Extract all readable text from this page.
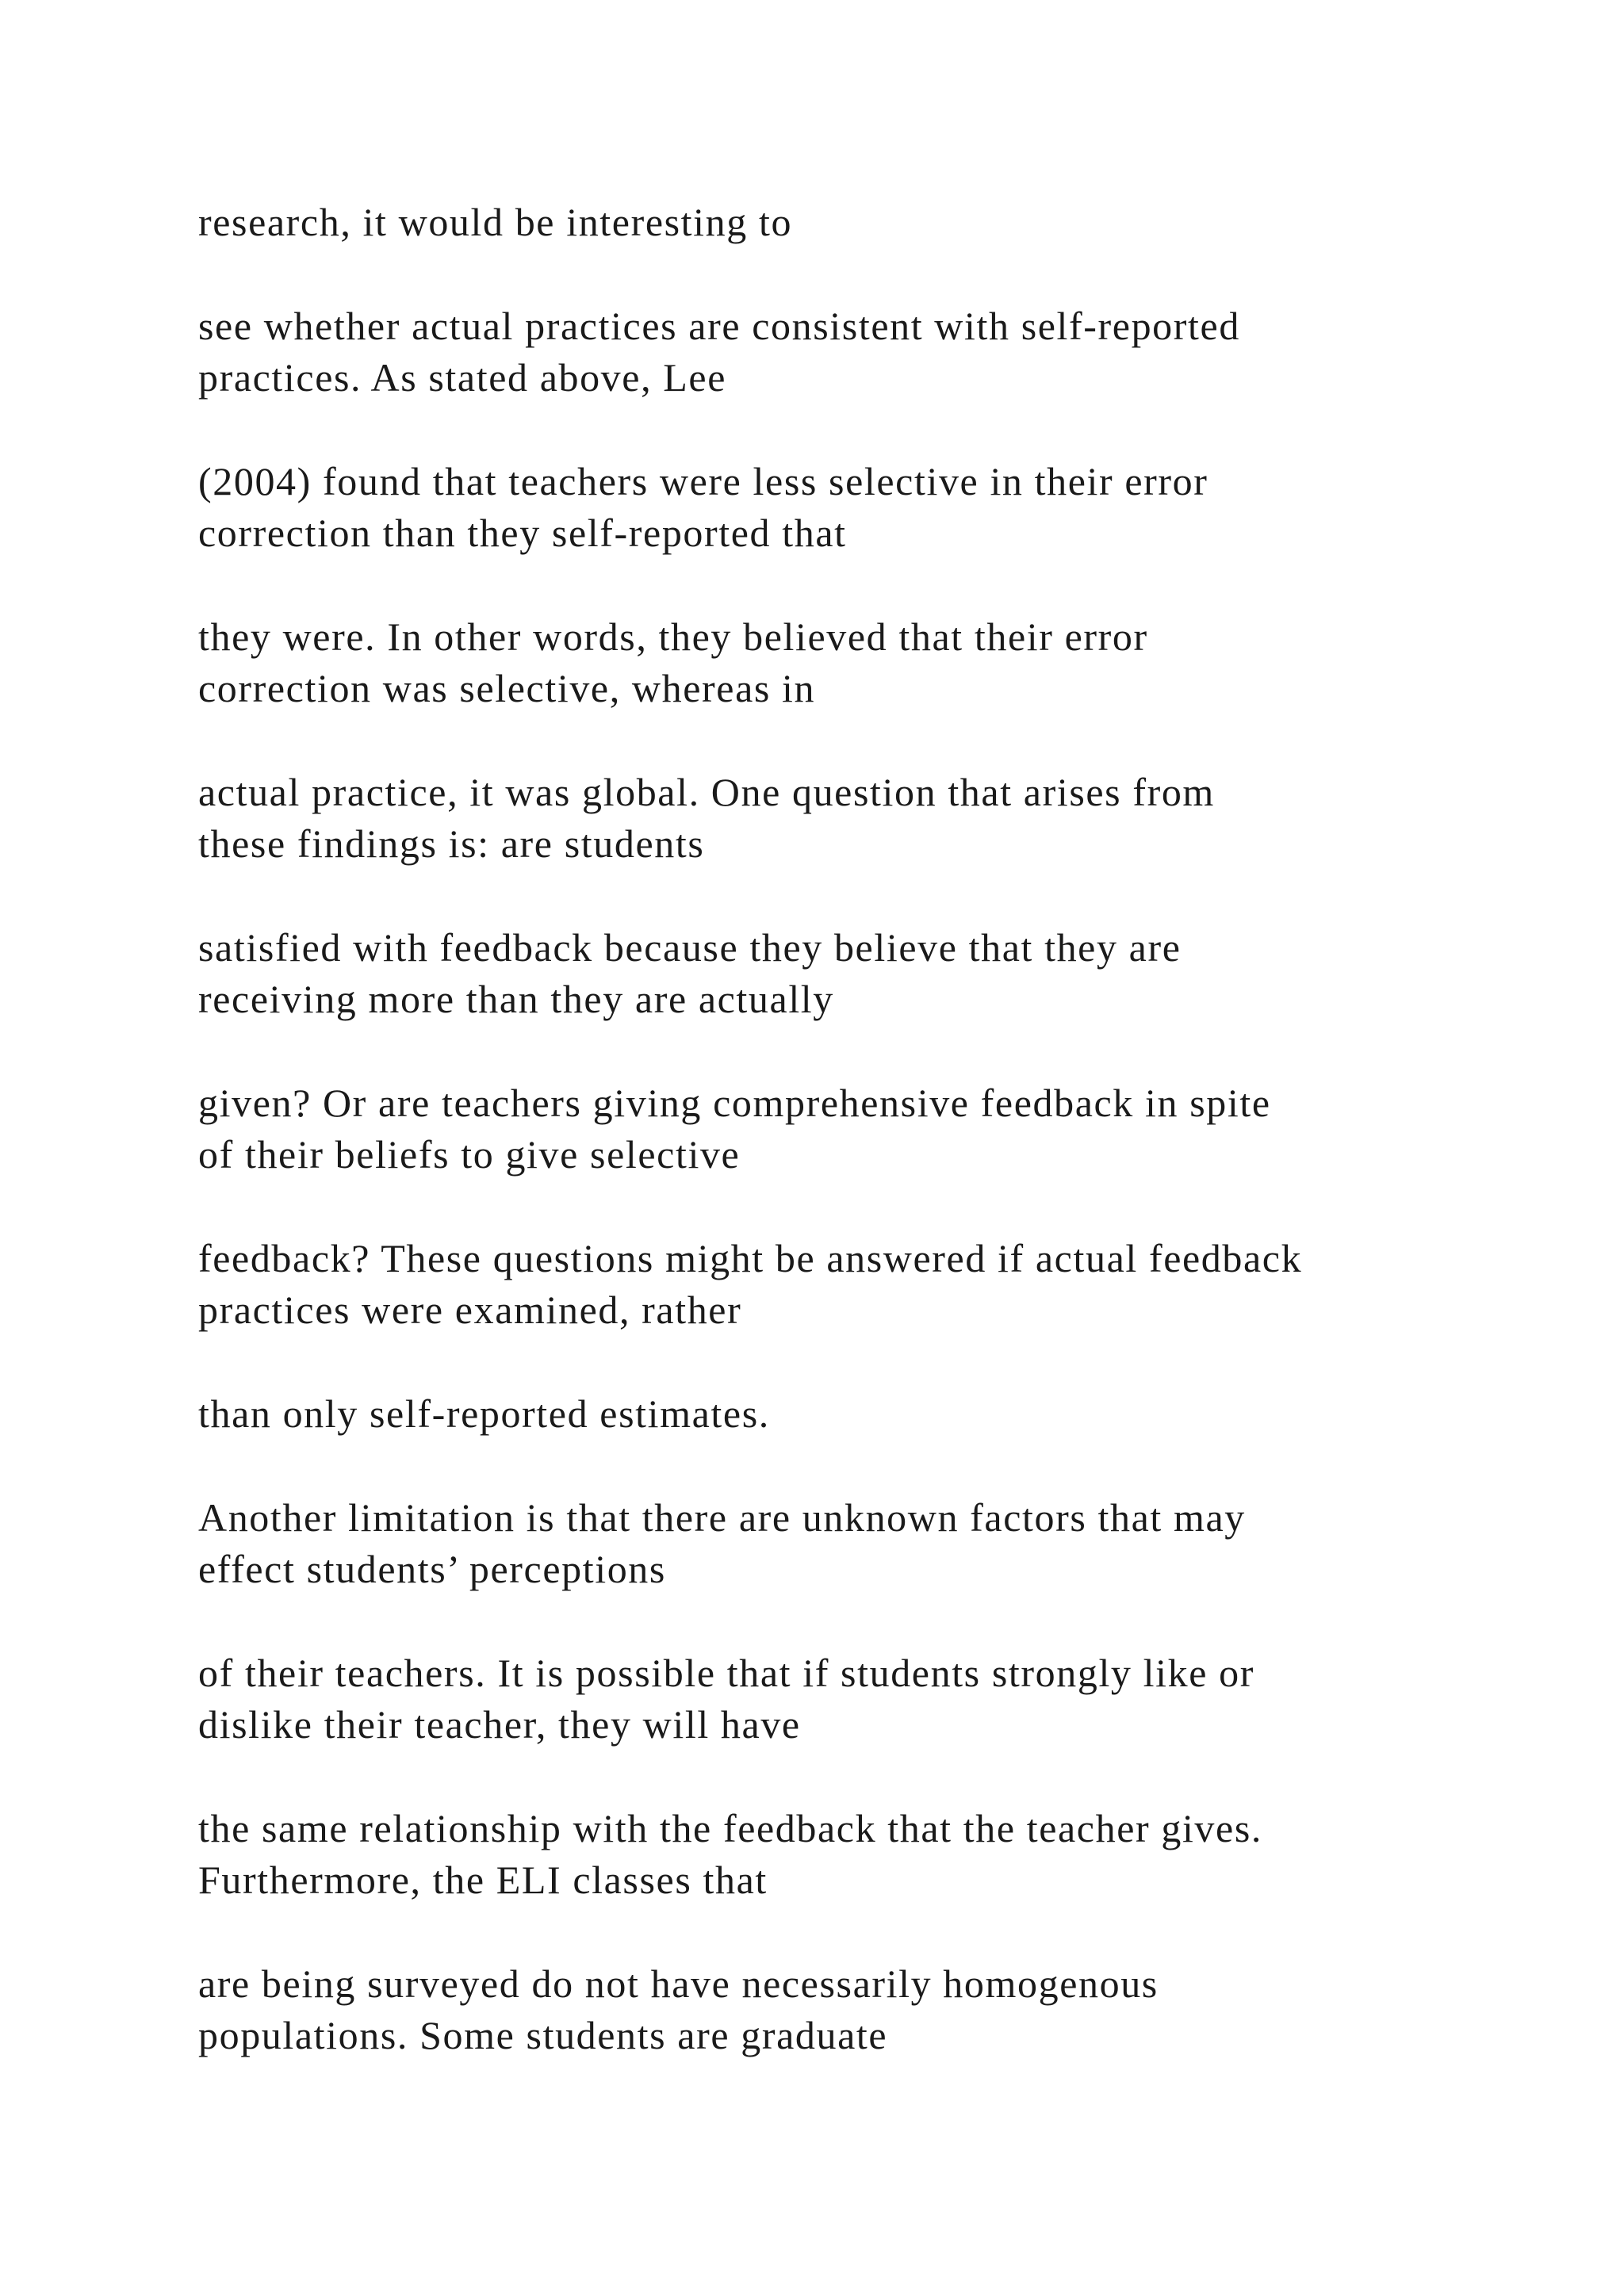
research, it would be interesting to

see whether actual practices are consistent with self-reported
practices. As stated above, Lee

(2004) found that teachers were less selective in their error
correction than they self-reported that

they were. In other words, they believed that their error
correction was selective, whereas in

actual practice, it was global. One question that arises from
these findings is: are students

satisfied with feedback because they believe that they are
receiving more than they are actually

given? Or are teachers giving comprehensive feedback in spite
of their beliefs to give selective

feedback? These questions might be answered if actual feedback
practices were examined, rather

than only self-reported estimates.

Another limitation is that there are unknown factors that may
effect students’ perceptions

of their teachers. It is possible that if students strongly like or
dislike their teacher, they will have

the same relationship with the feedback that the teacher gives.
Furthermore, the ELI classes that

are being surveyed do not have necessarily homogenous
populations. Some students are graduate
